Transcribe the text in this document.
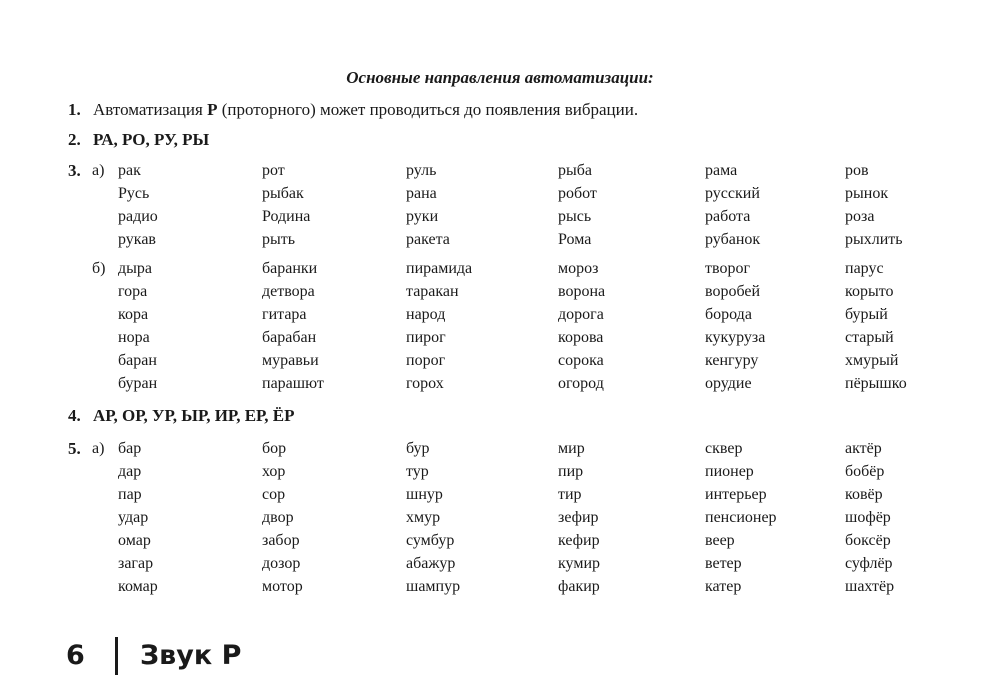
Основные направления автоматизации:
1. Автоматизация Р (проторного) может проводиться до появления вибрации.
2. РА, РО, РУ, РЫ
3. а) рак	рот	руль	рыба	рама	ров
Русь	рыбак	рана	робот	русский	рынок
радио	Родина	руки	рысь	работа	роза
рукав	рыть	ракета	Рома	рубанок	рыхлить
б) дыра	баранки	пирамида	мороз	творог	парус
гора	детвора	таракан	ворона	воробей	корыто
кора	гитара	народ	дорога	борода	бурый
нора	барабан	пирог	корова	кукуруза	старый
баран	муравьи	порог	сорока	кенгуру	хмурый
буран	парашют	горох	огород	орудие	пёрышко
4. АР, ОР, УР, ЫР, ИР, ЕР, ЁР
5. а) бар	бор	бур	мир	сквер	актёр
дар	хор	тур	пир	пионер	бобёр
пар	сор	шнур	тир	интерьер	ковёр
удар	двор	хмур	зефир	пенсионер	шофёр
омар	забор	сумбур	кефир	веер	боксёр
загар	дозор	абажур	кумир	ветер	суфлёр
комар	мотор	шампур	факир	катер	шахтёр
6 Звук Р
